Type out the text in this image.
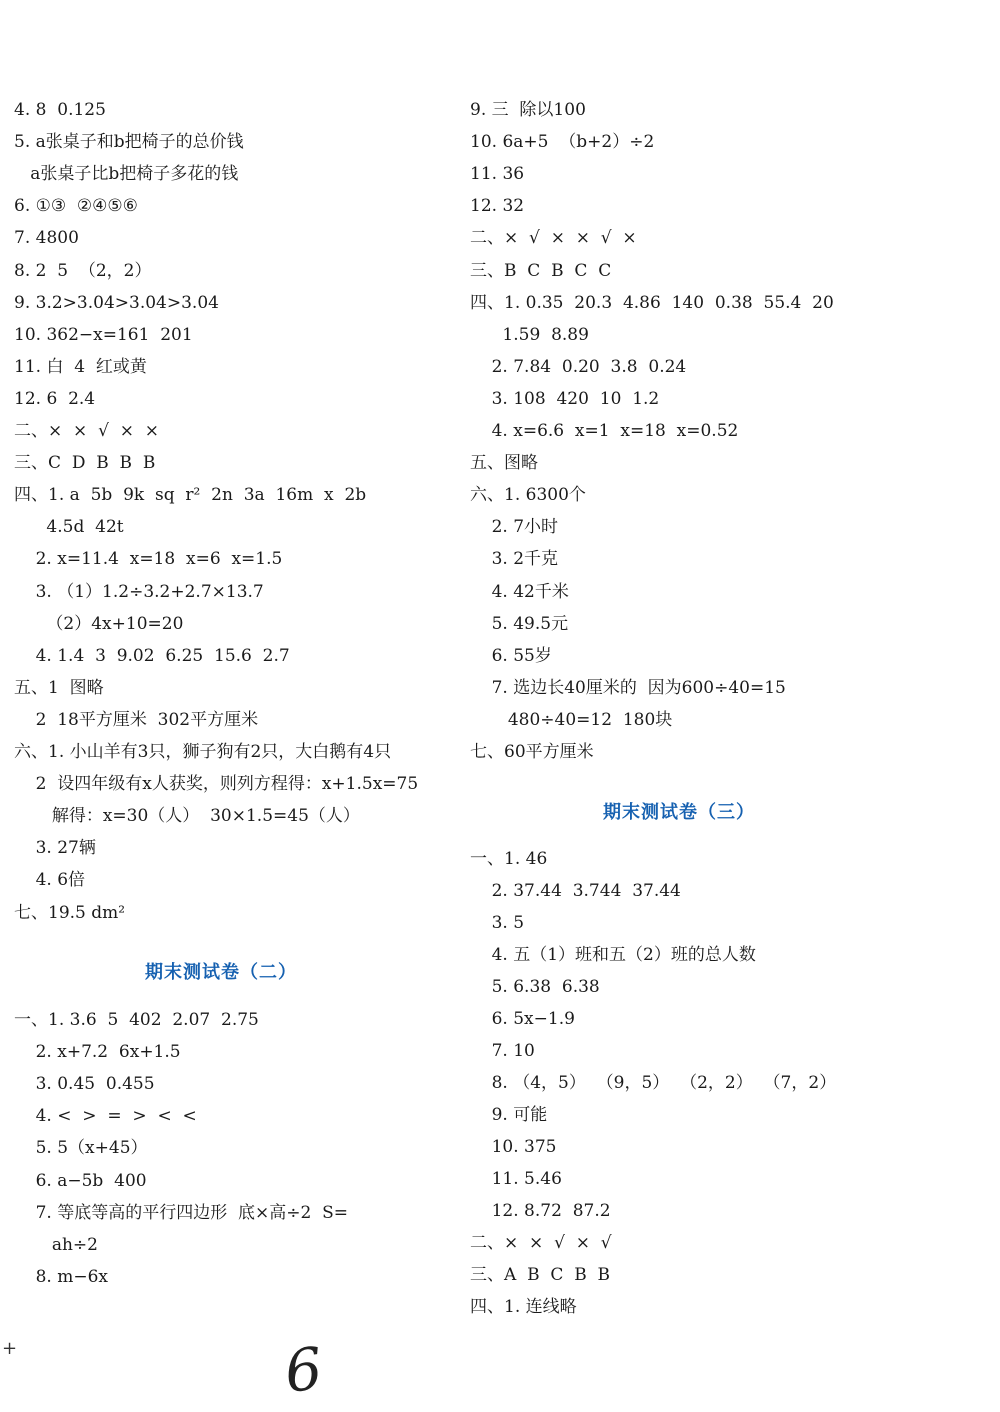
4. 8  0.125
5. a张桌子和b把椅子的总价钱
a张桌子比b把椅子多花的钱
6. ①③  ②④⑤⑥
7. 4800
8. 2  5  （2，2）
9. 3.2>3.04>3.04>3.04
10. 362−x=161  201
11. 白  4  红或黄
12. 6  2.4
二、×  ×  √  ×  ×
三、C  D  B  B  B
四、1. a  5b  9k  sq  r²  2n  3a  16m  x  2b
4.5d  42t
2. x=11.4  x=18  x=6  x=1.5
3. （1）1.2÷3.2+2.7×13.7
（2）4x+10=20
4. 1.4  3  9.02  6.25  15.6  2.7
五、1  图略
2  18平方厘米  302平方厘米
六、1. 小山羊有3只，狮子狗有2只，大白鹅有4只
2  设四年级有x人获奖，则列方程得：x+1.5x=75
解得：x=30（人）  30×1.5=45（人）
3. 27辆
4. 6倍
七、19.5 dm²
期末测试卷（二）
一、1. 3.6  5  402  2.07  2.75
2. x+7.2  6x+1.5
3. 0.45  0.455
4. <  >  =  >  <  <
5. 5（x+45）
6. a−5b  400
7. 等底等高的平行四边形  底×高÷2  S=
ah÷2
8. m−6x
9. 三  除以100
10. 6a+5  （b+2）÷2
11. 36
12. 32
二、×  √  ×  ×  √  ×
三、B  C  B  C  C
四、1. 0.35  20.3  4.86  140  0.38  55.4  20
1.59  8.89
2. 7.84  0.20  3.8  0.24
3. 108  420  10  1.2
4. x=6.6  x=1  x=18  x=0.52
五、图略
六、1. 6300个
2. 7小时
3. 2千克
4. 42千米
5. 49.5元
6. 55岁
7. 选边长40厘米的  因为600÷40=15
480÷40=12  180块
七、60平方厘米
期末测试卷（三）
一、1. 46
2. 37.44  3.744  37.44
3. 5
4. 五（1）班和五（2）班的总人数
5. 6.38  6.38
6. 5x−1.9
7. 10
8. （4，5）  （9，5）  （2，2）  （7，2）
9. 可能
10. 375
11. 5.46
12. 8.72  87.2
二、×  ×  √  ×  √
三、A  B  C  B  B
四、1. 连线略
+	6
